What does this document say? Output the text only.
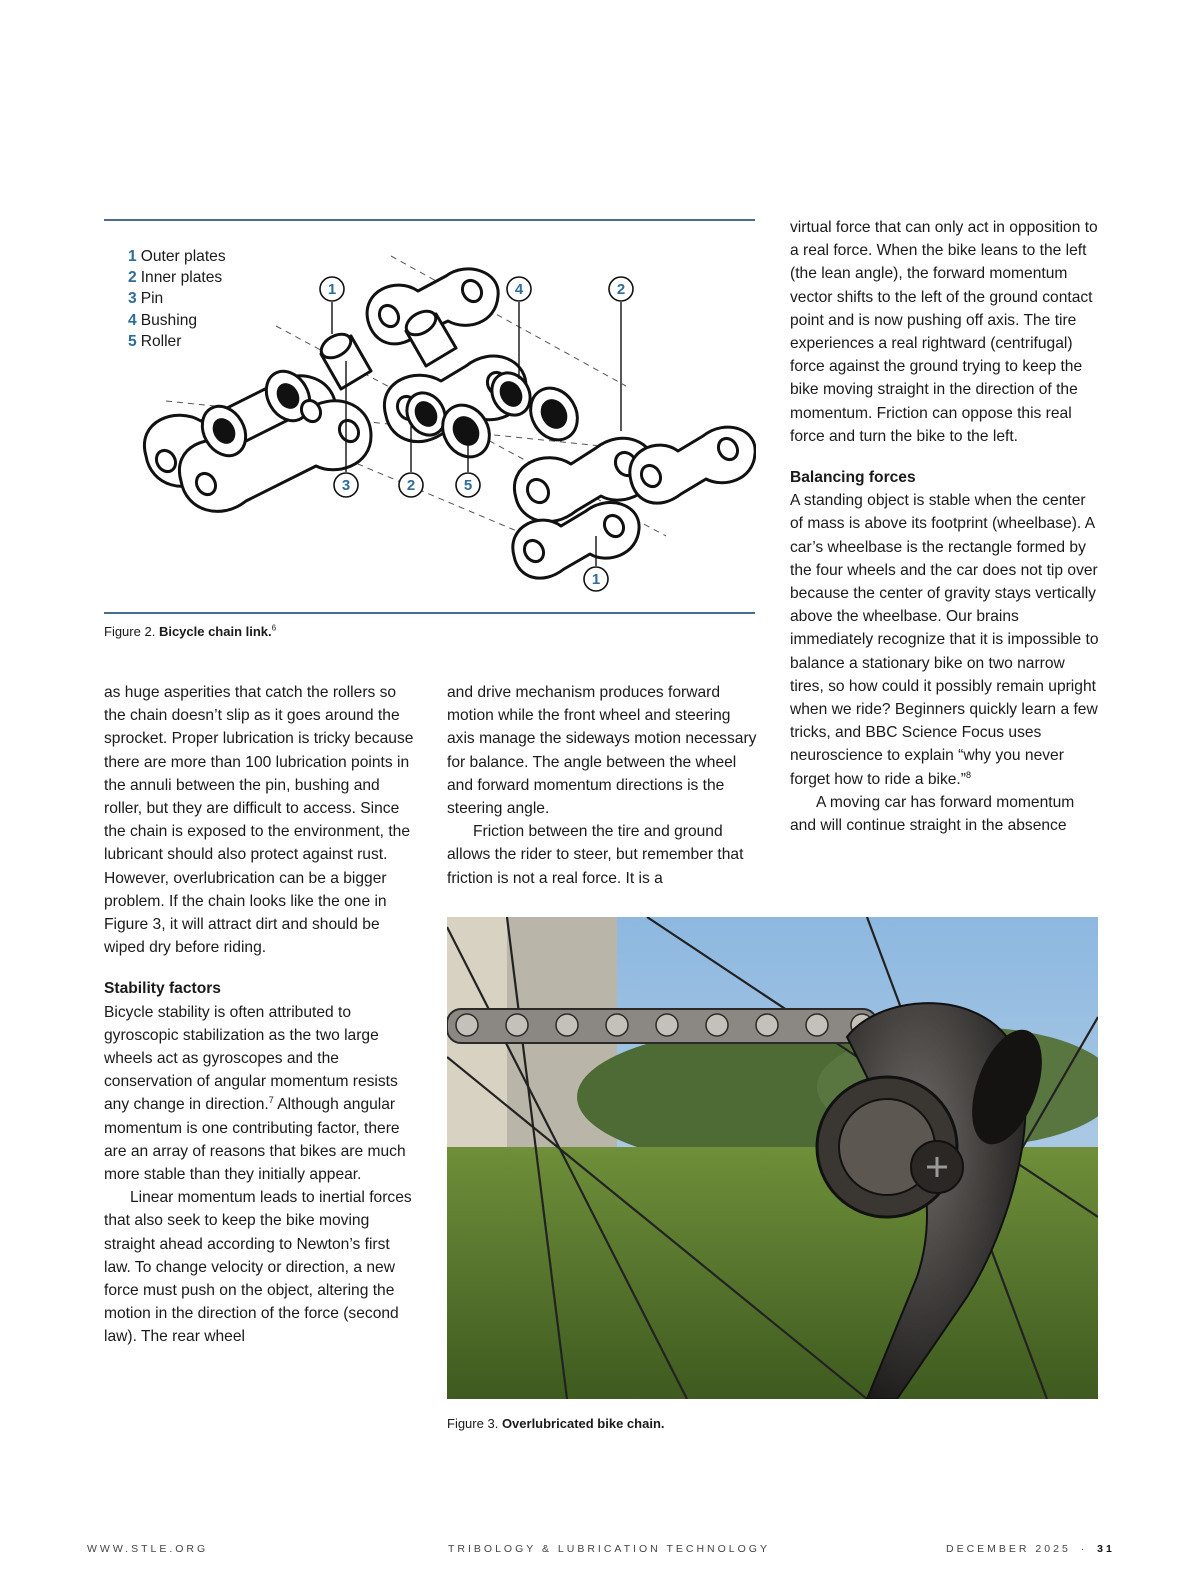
1 Outer plates
2 Inner plates
3 Pin
4 Bushing
5 Roller
1	4	2
3	2	5
1
Figure 2. Bicycle chain link.$^6$

as huge asperities that catch the rollers so the chain doesn’t slip as it goes around the sprocket. Proper lubrication is tricky because there are more than 100 lubrication points in the annuli between the pin, bushing and roller, but they are difficult to access. Since the chain is exposed to the environment, the lubricant should also protect against rust. However, overlubrication can be a bigger problem. If the chain looks like the one in Figure 3, it will attract dirt and should be wiped dry before riding.

Stability factors

Bicycle stability is often attributed to gyroscopic stabilization as the two large wheels act as gyroscopes and the conservation of angular momentum resists any change in direction.$^7$ Although angular momentum is one contributing factor, there are an array of reasons that bikes are much more stable than they initially appear.

Linear momentum leads to inertial forces that also seek to keep the bike moving straight ahead according to Newton’s first law. To change velocity or direction, a new force must push on the object, altering the motion in the direction of the force (second law). The rear wheel

and drive mechanism produces forward motion while the front wheel and steering axis manage the sideways motion necessary for balance. The angle between the wheel and forward momentum directions is the steering angle.

Friction between the tire and ground allows the rider to steer, but remember that friction is not a real force. It is a

virtual force that can only act in opposition to a real force. When the bike leans to the left (the lean angle), the forward momentum vector shifts to the left of the ground contact point and is now pushing off axis. The tire experiences a real rightward (centrifugal) force against the ground trying to keep the bike moving straight in the direction of the momentum. Friction can oppose this real force and turn the bike to the left.

Balancing forces

A standing object is stable when the center of mass is above its footprint (wheelbase). A car’s wheelbase is the rectangle formed by the four wheels and the car does not tip over because the center of gravity stays vertically above the wheelbase. Our brains immediately recognize that it is impossible to balance a stationary bike on two narrow tires, so how could it possibly remain upright when we ride? Beginners quickly learn a few tricks, and BBC Science Focus uses neuroscience to explain “why you never forget how to ride a bike.”$^8$

A moving car has forward momentum and will continue straight in the absence

Figure 3. Overlubricated bike chain.
WWW.STLE.ORG	TRIBOLOGY & LUBRICATION TECHNOLOGY	DECEMBER 2025 · 31
